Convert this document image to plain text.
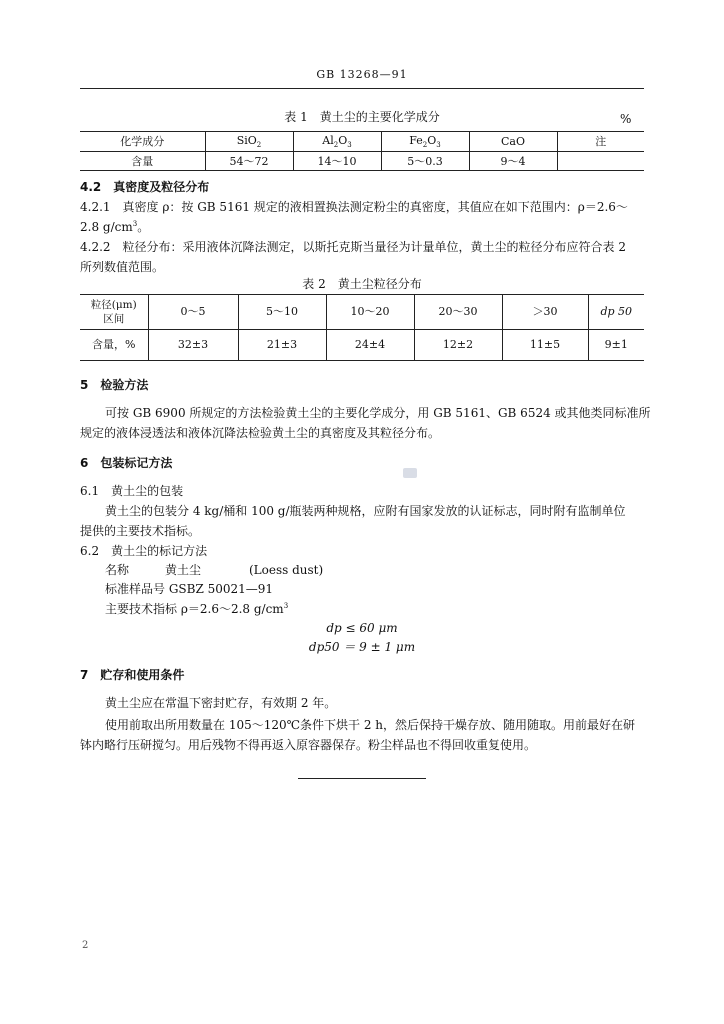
GB 13268—91
表 1　黄土尘的主要化学成分	%
化学成分	SiO$_2$	$Al_2O_3$	$Fe_2O_3$	CaO	注
含量	54～72	14～10	5～0.3	9～4	
4.2　真密度及粒径分布
4.2.1　真密度 ρ：按 GB 5161 规定的液相置换法测定粉尘的真密度，其值应在如下范围内：ρ＝2.6～
2.8 $g/cm^3$。
4.2.2　粒径分布：采用液体沉降法测定，以斯托克斯当量径为计量单位，黄土尘的粒径分布应符合表 2
所列数值范围。
表 2　黄土尘粒径分布
粒径(μm)
区间	0～5	5～10	10～20	20～30	＞30	dp 50
含量，%	32±3	21±3	24±4	12±2	11±5	9±1
5　检验方法
可按 GB 6900 所规定的方法检验黄土尘的主要化学成分，用 GB 5161、GB 6524 或其他类同标准所
规定的液体浸透法和液体沉降法检验黄土尘的真密度及其粒径分布。
6　包装标记方法
6.1　黄土尘的包装
黄土尘的包装分 4 kg/桶和 100 g/瓶装两种规格，应附有国家发放的认证标志，同时附有监制单位
提供的主要技术指标。
6.2　黄土尘的标记方法
名称　　　黄土尘　　　　(Loess dust)
标准样品号 GSBZ 50021—91
主要技术指标 ρ＝2.6～2.8 $g/cm^3$
dp ≤ 60 μm
dp50 ＝ 9 ± 1 μm
7　贮存和使用条件
黄土尘应在常温下密封贮存，有效期 2 年。
使用前取出所用数量在 105～120℃条件下烘干 2 h，然后保持干燥存放、随用随取。用前最好在研
钵内略行压研搅匀。用后残物不得再返入原容器保存。粉尘样品也不得回收重复使用。
2
